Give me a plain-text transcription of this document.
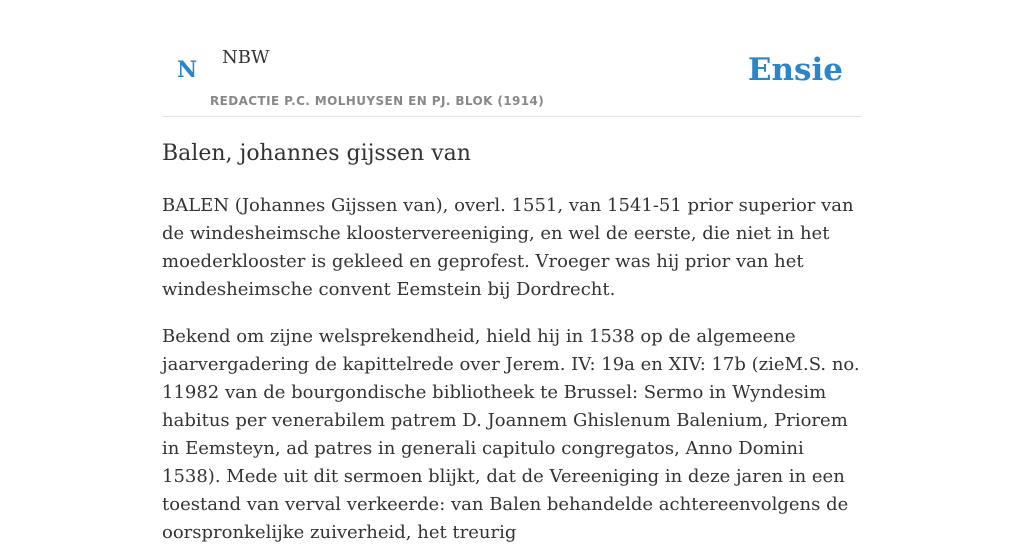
N NBW
REDACTIE P.C. MOLHUYSEN EN PJ. BLOK (1914)
Ensie
Balen, johannes gijssen van

BALEN (Johannes Gijssen van), overl. 1551, van 1541-51 prior superior van de windesheimsche kloostervereeniging, en wel de eerste, die niet in het moederklooster is gekleed en geprofest. Vroeger was hij prior van het windesheimsche convent Eemstein bij Dordrecht.

Bekend om zijne welsprekendheid, hield hij in 1538 op de algemeene jaarvergadering de kapittelrede over Jerem. IV: 19a en XIV: 17b (zieM.S. no. 11982 van de bourgondische bibliotheek te Brussel: Sermo in Wyndesim habitus per venerabilem patrem D. Joannem Ghislenum Balenium, Priorem in Eemsteyn, ad patres in generali capitulo congregatos, Anno Domini 1538). Mede uit dit sermoen blijkt, dat de Vereeniging in deze jaren in een toestand van verval verkeerde: van Balen behandelde achtereenvolgens de oorspronkelijke zuiverheid, het treurig
